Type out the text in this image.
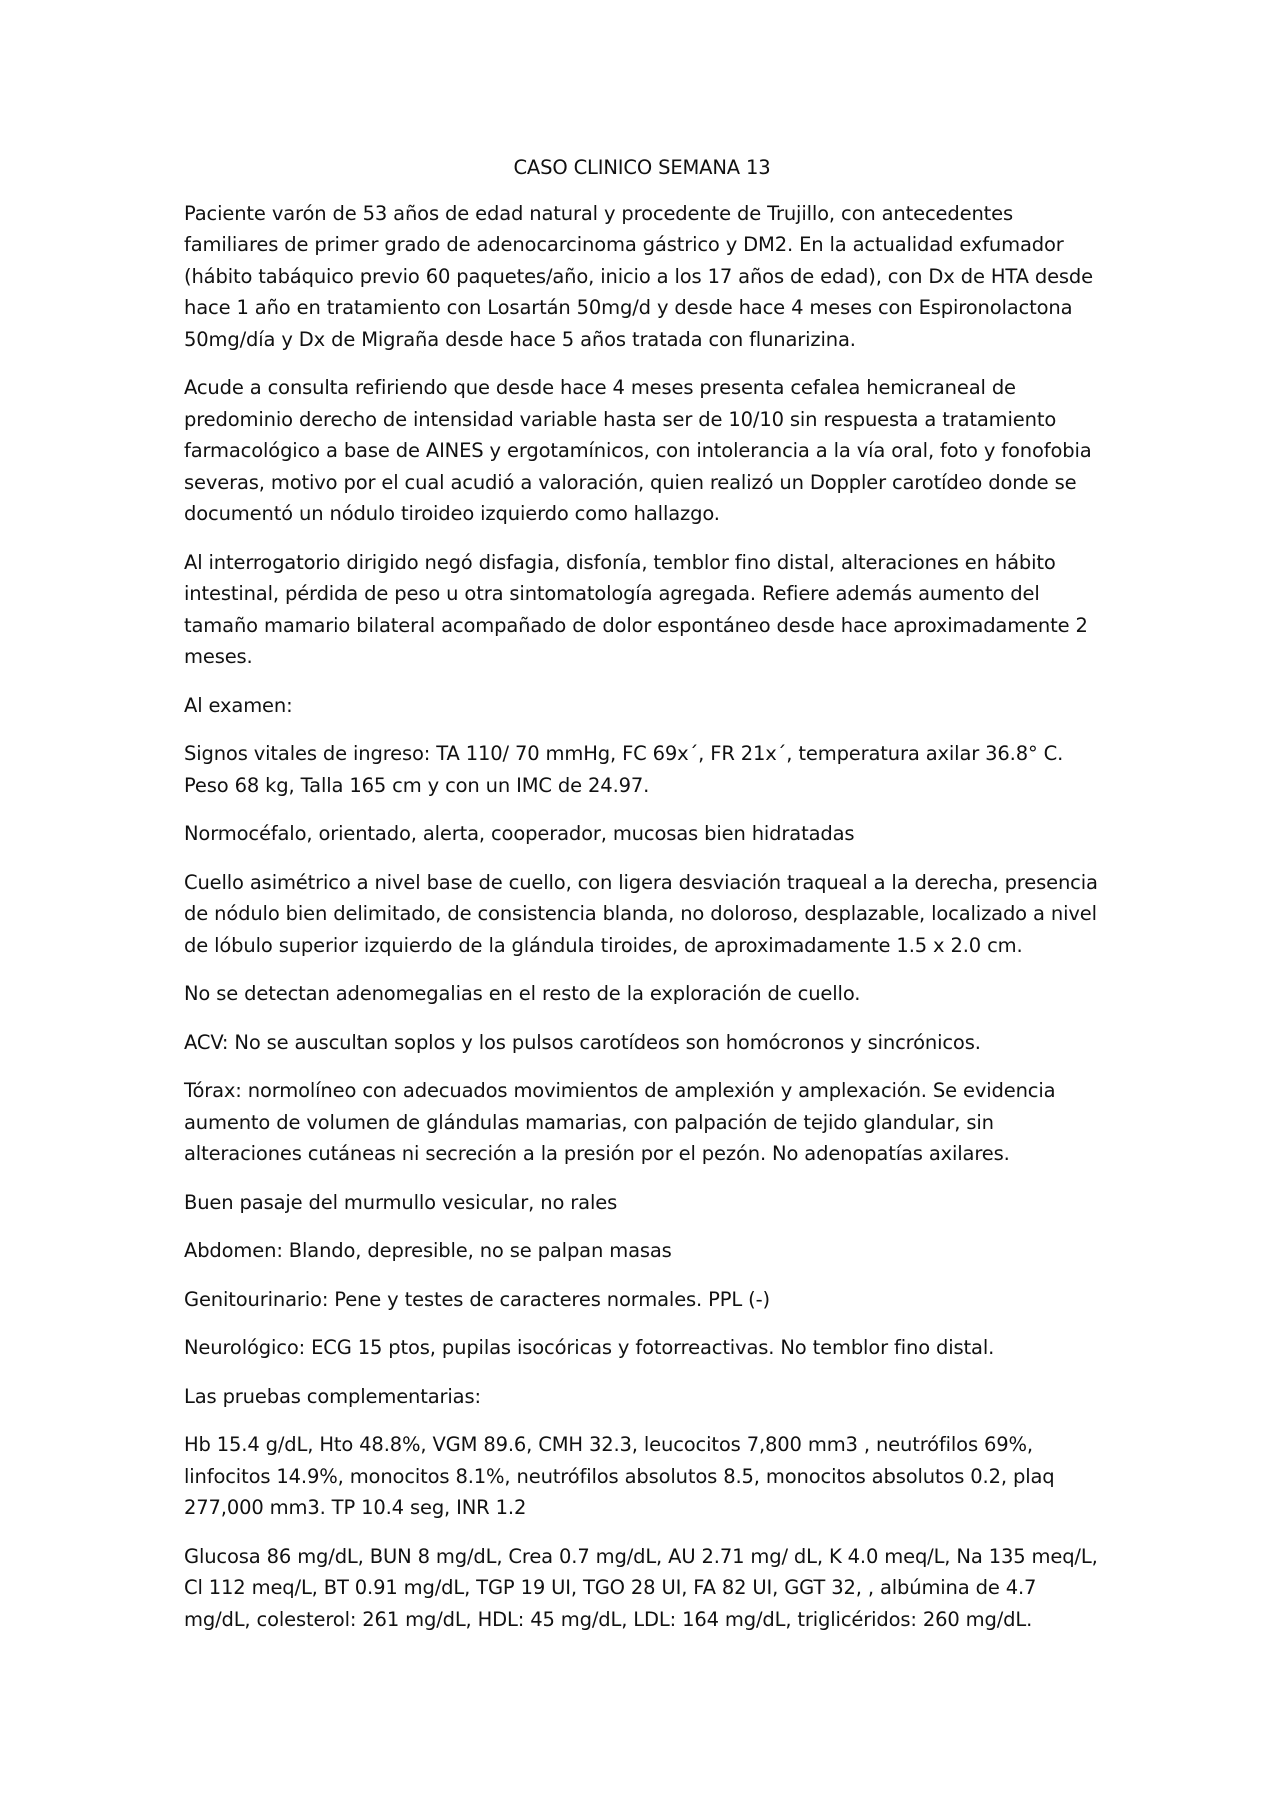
CASO CLINICO SEMANA 13

Paciente varón de 53 años de edad natural y procedente de Trujillo, con antecedentes familiares de primer grado de adenocarcinoma gástrico y DM2. En la actualidad exfumador (hábito tabáquico previo 60 paquetes/año, inicio a los 17 años de edad), con Dx de HTA desde hace 1 año en tratamiento con Losartán 50mg/d y desde hace 4 meses con Espironolactona 50mg/día y Dx de Migraña desde hace 5 años tratada con flunarizina.

Acude a consulta refiriendo que desde hace 4 meses presenta cefalea hemicraneal de predominio derecho de intensidad variable hasta ser de 10/10 sin respuesta a tratamiento farmacológico a base de AINES y ergotamínicos, con intolerancia a la vía oral, foto y fonofobia severas, motivo por el cual acudió a valoración, quien realizó un Doppler carotídeo donde se documentó un nódulo tiroideo izquierdo como hallazgo.

Al interrogatorio dirigido negó disfagia, disfonía, temblor fino distal, alteraciones en hábito intestinal, pérdida de peso u otra sintomatología agregada. Refiere además aumento del tamaño mamario bilateral acompañado de dolor espontáneo desde hace aproximadamente 2 meses.

Al examen:

Signos vitales de ingreso: TA 110/ 70 mmHg, FC 69x´, FR 21x´, temperatura axilar 36.8° C. Peso 68 kg, Talla 165 cm y con un IMC de 24.97.

Normocéfalo, orientado, alerta, cooperador, mucosas bien hidratadas

Cuello asimétrico a nivel base de cuello, con ligera desviación traqueal a la derecha, presencia de nódulo bien delimitado, de consistencia blanda, no doloroso, desplazable, localizado a nivel de lóbulo superior izquierdo de la glándula tiroides, de aproximadamente 1.5 x 2.0 cm.

No se detectan adenomegalias en el resto de la exploración de cuello.

ACV: No se auscultan soplos y los pulsos carotídeos son homócronos y sincrónicos.

Tórax: normolíneo con adecuados movimientos de amplexión y amplexación. Se evidencia aumento de volumen de glándulas mamarias, con palpación de tejido glandular, sin alteraciones cutáneas ni secreción a la presión por el pezón. No adenopatías axilares.

Buen pasaje del murmullo vesicular, no rales

Abdomen: Blando, depresible, no se palpan masas

Genitourinario: Pene y testes de caracteres normales. PPL (-)

Neurológico: ECG 15 ptos, pupilas isocóricas y fotorreactivas. No temblor fino distal.

Las pruebas complementarias:

Hb 15.4 g/dL, Hto 48.8%, VGM 89.6, CMH 32.3, leucocitos 7,800 mm3 , neutrófilos 69%, linfocitos 14.9%, monocitos 8.1%, neutrófilos absolutos 8.5, monocitos absolutos 0.2, plaq 277,000 mm3. TP 10.4 seg, INR 1.2

Glucosa 86 mg/dL, BUN 8 mg/dL, Crea 0.7 mg/dL, AU 2.71 mg/ dL, K 4.0 meq/L, Na 135 meq/L, Cl 112 meq/L, BT 0.91 mg/dL, TGP 19 UI, TGO 28 UI, FA 82 UI, GGT 32, , albúmina de 4.7 mg/dL, colesterol: 261 mg/dL, HDL: 45 mg/dL, LDL: 164 mg/dL, triglicéridos: 260 mg/dL.
